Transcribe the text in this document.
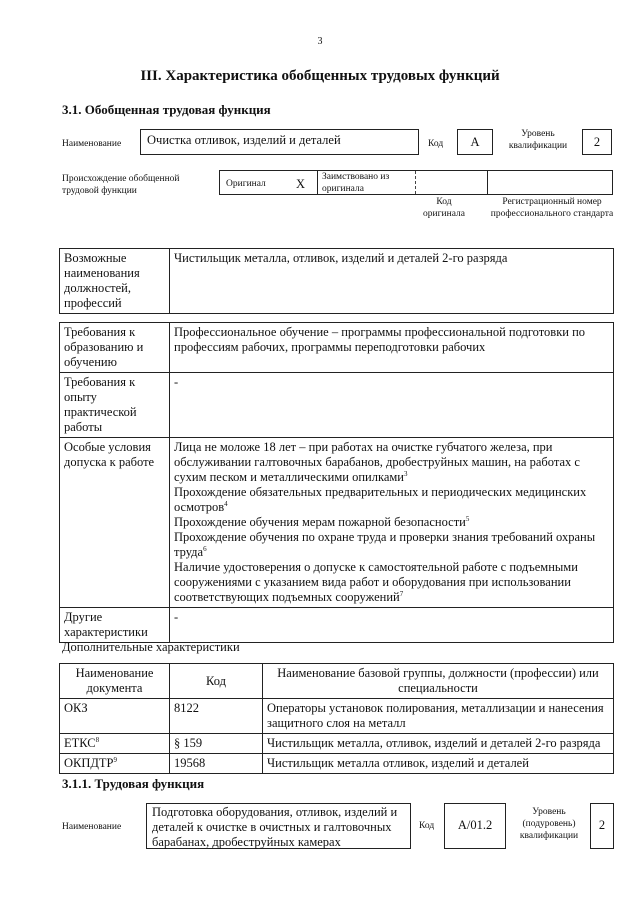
3
III. Характеристика обобщенных трудовых функций
3.1. Обобщенная трудовая функция
Наименование	Очистка отливок, изделий и деталей	Код	А
Уровень квалификации	2
Происхождение обобщенной трудовой функции
Оригинал X Заимствовано из оригинала
Код оригинала
Регистрационный номер профессионального стандарта
Возможные наименования должностей, профессий	Чистильщик металла, отливок, изделий и деталей 2-го разряда
Требования к образованию и обучению	Профессиональное обучение – программы профессиональной подготовки по профессиям рабочих, программы переподготовки рабочих
Требования к опыту практической работы	-
Особые условия допуска к работе	Лица не моложе 18 лет – при работах на очистке губчатого железа, при обслуживании галтовочных барабанов, дробеструйных машин, на работах с сухим песком и металлическими опилками$^3$
Прохождение обязательных предварительных и периодических медицинских осмотров$^4$
Прохождение обучения мерам пожарной безопасности$^5$
Прохождение обучения по охране труда и проверки знания требований охраны труда$^6$
Наличие удостоверения о допуске к самостоятельной работе с подъемными сооружениями с указанием вида работ и оборудования при использовании соответствующих подъемных сооружений$^7$

Другие характеристики	-
Дополнительные характеристики
Наименование документа	Код	Наименование базовой группы, должности (профессии) или специальности
ОКЗ	8122	Операторы установок полирования, металлизации и нанесения защитного слоя на металл
ЕТКС$^8$	§ 159	Чистильщик металла, отливок, изделий и деталей 2-го разряда
ОКПДТР$^9$	19568	Чистильщик металла отливок, изделий и деталей
3.1.1. Трудовая функция
Наименование
Подготовка оборудования, отливок, изделий и деталей к очистке в очистных и галтовочных барабанах, дробеструйных камерах
Код	A/01.2
Уровень (подуровень) квалификации
2
